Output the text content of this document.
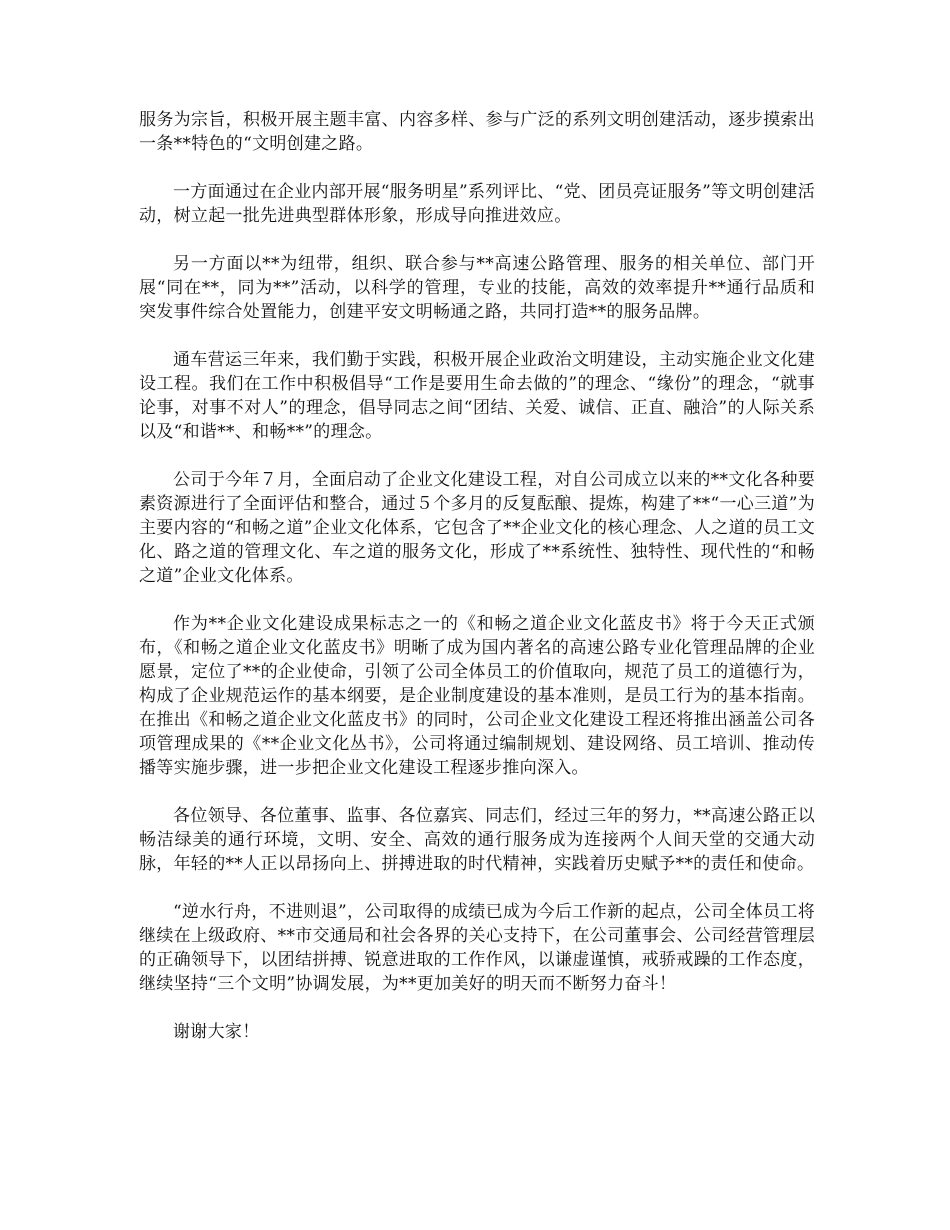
服务为宗旨，积极开展主题丰富、内容多样、参与广泛的系列文明创建活动，逐步摸索出一条**特色的“文明创建之路。

一方面通过在企业内部开展“服务明星”系列评比、“党、团员亮证服务”等文明创建活动，树立起一批先进典型群体形象，形成导向推进效应。

另一方面以**为纽带，组织、联合参与**高速公路管理、服务的相关单位、部门开展“同在**，同为**”活动，以科学的管理，专业的技能，高效的效率提升**通行品质和突发事件综合处置能力，创建平安文明畅通之路，共同打造**的服务品牌。

通车营运三年来，我们勤于实践，积极开展企业政治文明建设，主动实施企业文化建设工程。我们在工作中积极倡导“工作是要用生命去做的”的理念、“缘份”的理念，“就事论事，对事不对人”的理念，倡导同志之间“团结、关爱、诚信、正直、融洽”的人际关系以及“和谐**、和畅**”的理念。

公司于今年７月，全面启动了企业文化建设工程，对自公司成立以来的**文化各种要素资源进行了全面评估和整合，通过５个多月的反复酝酿、提炼，构建了**“一心三道”为主要内容的“和畅之道”企业文化体系，它包含了**企业文化的核心理念、人之道的员工文化、路之道的管理文化、车之道的服务文化，形成了**系统性、独特性、现代性的“和畅之道”企业文化体系。

作为**企业文化建设成果标志之一的《和畅之道企业文化蓝皮书》将于今天正式颁布，《和畅之道企业文化蓝皮书》明晰了成为国内著名的高速公路专业化管理品牌的企业愿景，定位了**的企业使命，引领了公司全体员工的价值取向，规范了员工的道德行为，构成了企业规范运作的基本纲要，是企业制度建设的基本准则，是员工行为的基本指南。在推出《和畅之道企业文化蓝皮书》的同时，公司企业文化建设工程还将推出涵盖公司各项管理成果的《**企业文化丛书》，公司将通过编制规划、建设网络、员工培训、推动传播等实施步骤，进一步把企业文化建设工程逐步推向深入。

各位领导、各位董事、监事、各位嘉宾、同志们，经过三年的努力，**高速公路正以畅洁绿美的通行环境，文明、安全、高效的通行服务成为连接两个人间天堂的交通大动脉，年轻的**人正以昂扬向上、拼搏进取的时代精神，实践着历史赋予**的责任和使命。

“逆水行舟，不进则退”，公司取得的成绩已成为今后工作新的起点，公司全体员工将继续在上级政府、**市交通局和社会各界的关心支持下，在公司董事会、公司经营管理层的正确领导下，以团结拼搏、锐意进取的工作作风，以谦虚谨慎，戒骄戒躁的工作态度，继续坚持“三个文明”协调发展，为**更加美好的明天而不断努力奋斗！

谢谢大家！
